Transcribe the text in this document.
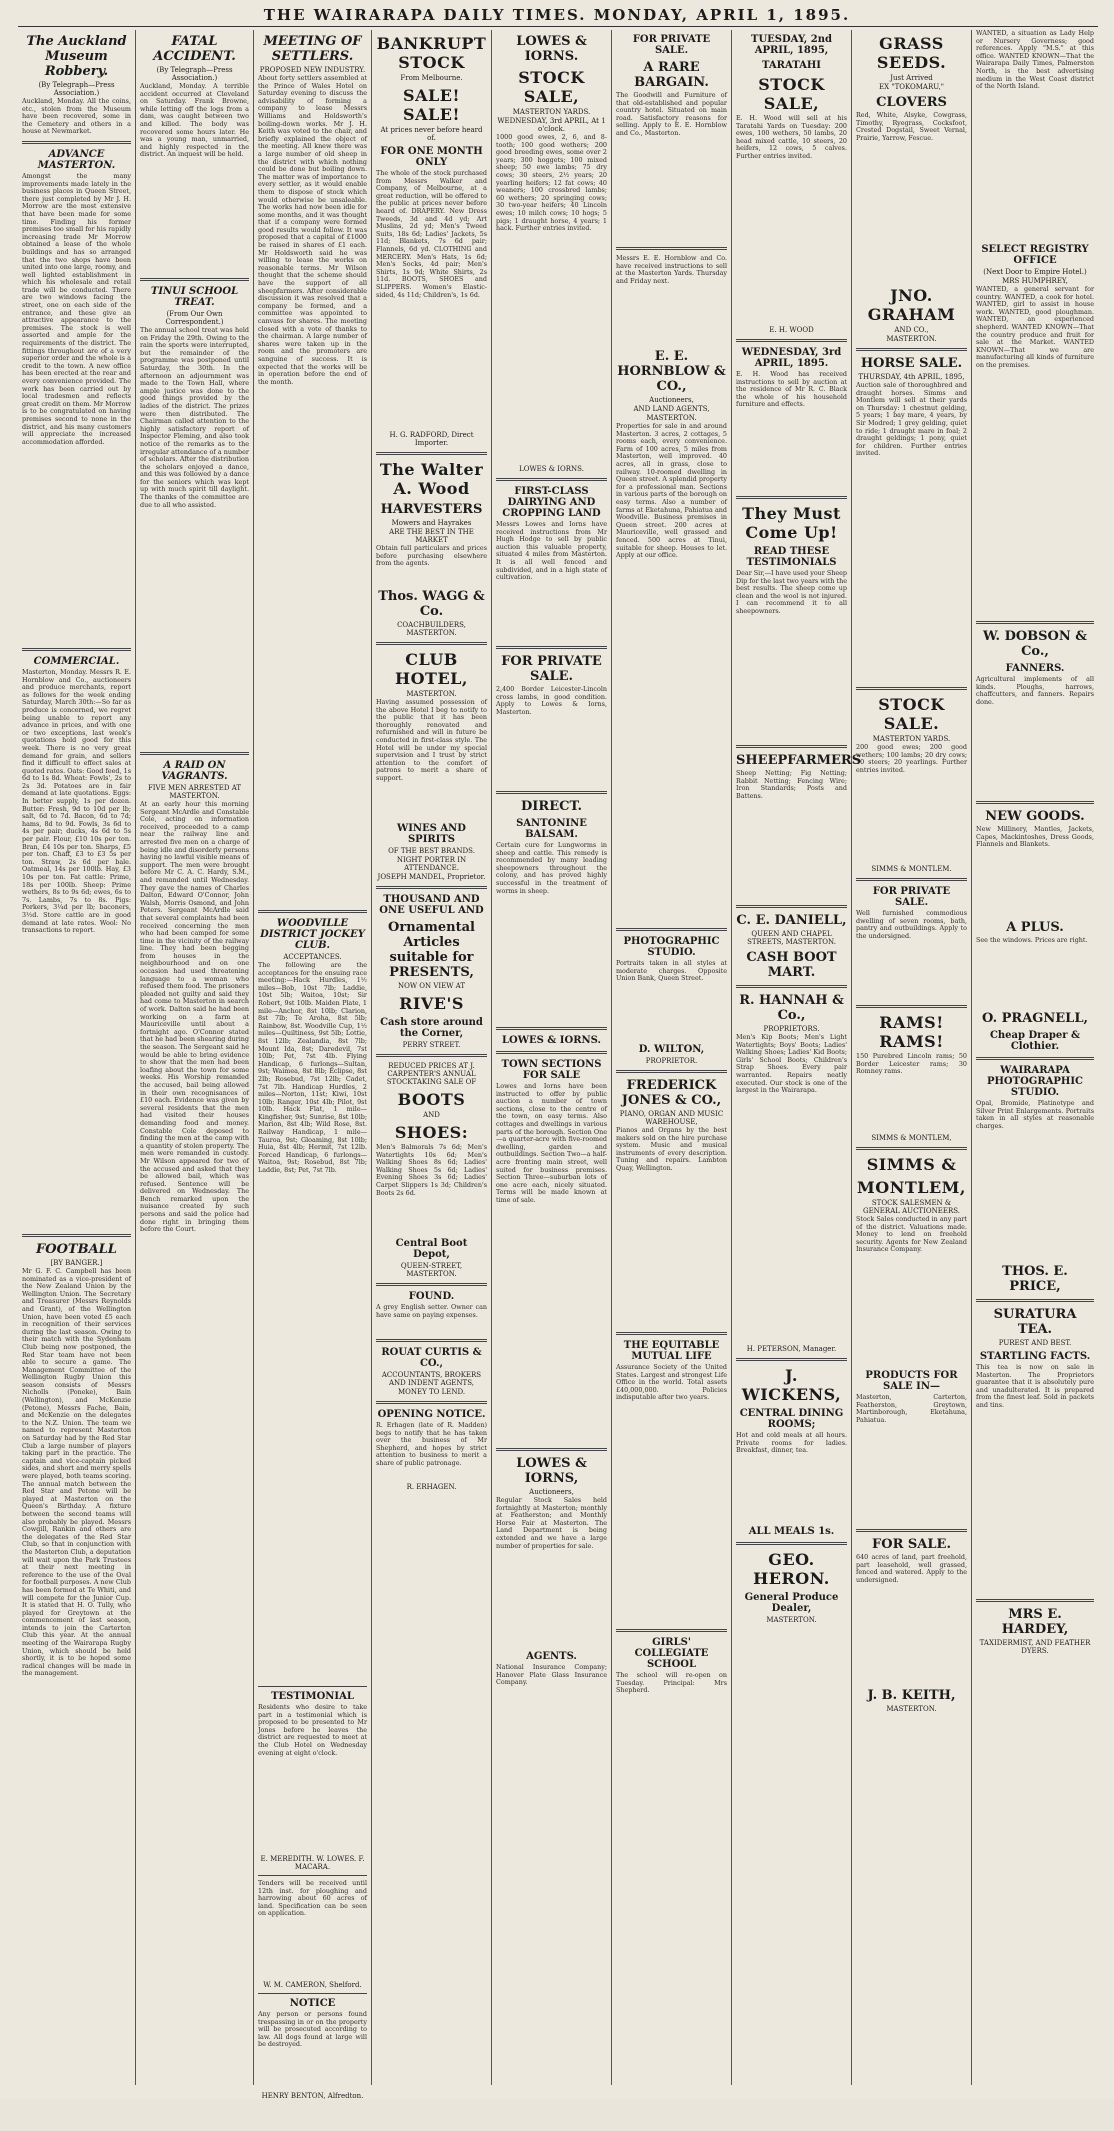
THE WAIRARAPA DAILY TIMES. MONDAY, APRIL 1, 1895.
The Auckland Museum Robbery.
(By Telegraph—Press Association.)
Auckland, Monday. All the coins, etc., stolen from the Museum have been recovered, some in the Cemetery and others in a house at Newmarket.
ADVANCE MASTERTON.
Amongst the many improvements made lately in the business places in Queen Street, there just completed by Mr J. H. Morrow are the most extensive that have been made for some time. Finding his former premises too small for his rapidly increasing trade Mr Morrow obtained a lease of the whole buildings and has so arranged that the two shops have been united into one large, roomy, and well lighted establishment in which his wholesale and retail trade will be conducted. There are two windows facing the street, one on each side of the entrance, and these give an attractive appearance to the premises. The stock is well assorted and ample for the requirements of the district. The fittings throughout are of a very superior order and the whole is a credit to the town. A new office has been erected at the rear and every convenience provided. The work has been carried out by local tradesmen and reflects great credit on them. Mr Morrow is to be congratulated on having premises second to none in the district, and his many customers will appreciate the increased accommodation afforded.
COMMERCIAL.
Masterton, Monday. Messrs R. E. Hornblow and Co., auctioneers and produce merchants, report as follows for the week ending Saturday, March 30th:—So far as produce is concerned, we regret being unable to report any advance in prices, and with one or two exceptions, last week's quotations hold good for this week. There is no very great demand for grain, and sellers find it difficult to effect sales at quoted rates. Oats: Good feed, 1s 6d to 1s 8d. Wheat: Fowls', 2s to 2s 3d. Potatoes are in fair demand at late quotations. Eggs: In better supply, 1s per dozen. Butter: Fresh, 9d to 10d per lb; salt, 6d to 7d. Bacon, 6d to 7d; hams, 8d to 9d. Fowls, 3s 6d to 4s per pair; ducks, 4s 6d to 5s per pair. Flour, £10 10s per ton. Bran, £4 10s per ton. Sharps, £5 per ton. Chaff, £3 to £3 5s per ton. Straw, 2s 6d per bale. Oatmeal, 14s per 100lb. Hay, £3 10s per ton. Fat cattle: Prime, 18s per 100lb. Sheep: Prime wethers, 8s to 9s 6d; ewes, 6s to 7s. Lambs, 7s to 8s. Pigs: Porkers, 3¼d per lb; baconers, 3½d. Store cattle are in good demand at late rates. Wool: No transactions to report.
FOOTBALL
[BY BANGER.]
Mr G. F. C. Campbell has been nominated as a vice-president of the New Zealand Union by the Wellington Union. The Secretary and Treasurer (Messrs Reynolds and Grant), of the Wellington Union, have been voted £5 each in recognition of their services during the last season. Owing to their match with the Sydenham Club being now postponed, the Red Star team have not been able to secure a game. The Management Committee of the Wellington Rugby Union this season consists of Messrs Nicholls (Poneke), Bain (Wellington), and McKenzie (Petone), Messrs Fache, Bain, and McKenzie on the delegates to the N.Z. Union. The team we named to represent Masterton on Saturday had by the Red Star Club a large number of players taking part in the practice. The captain and vice-captain picked sides, and short and merry spells were played, both teams scoring. The annual match between the Red Star and Petone will be played at Masterton on the Queen's Birthday. A fixture between the second teams will also probably be played. Messrs Cowgill, Rankin and others are the delegates of the Red Star Club, so that in conjunction with the Masterton Club, a deputation will wait upon the Park Trustees at their next meeting in reference to the use of the Oval for football purposes. A new Club has been formed at Te Whiti, and will compete for the Junior Cup. It is stated that H. O. Tully, who played for Greytown at the commencement of last season, intends to join the Carterton Club this year. At the annual meeting of the Wairarapa Rugby Union, which should be held shortly, it is to be hoped some radical changes will be made in the management.
FATAL ACCIDENT.
(By Telegraph—Press Association.)
Auckland, Monday. A terrible accident occurred at Cleveland on Saturday. Frank Browne, while letting off the logs from a dam, was caught between two and killed. The body was recovered some hours later. He was a young man, unmarried, and highly respected in the district. An inquest will be held.
TINUI SCHOOL TREAT.
(From Our Own Correspondent.)
The annual school treat was held on Friday the 29th. Owing to the rain the sports were interrupted, but the remainder of the programme was postponed until Saturday, the 30th. In the afternoon an adjournment was made to the Town Hall, where ample justice was done to the good things provided by the ladies of the district. The prizes were then distributed. The Chairman called attention to the highly satisfactory report of Inspector Fleming, and also took notice of the remarks as to the irregular attendance of a number of scholars. After the distribution the scholars enjoyed a dance, and this was followed by a dance for the seniors which was kept up with much spirit till daylight. The thanks of the committee are due to all who assisted.
A RAID ON VAGRANTS.
FIVE MEN ARRESTED AT MASTERTON.
At an early hour this morning Sergeant McArdle and Constable Cole, acting on information received, proceeded to a camp near the railway line and arrested five men on a charge of being idle and disorderly persons having no lawful visible means of support. The men were brought before Mr C. A. C. Hardy, S.M., and remanded until Wednesday. They gave the names of Charles Dalton, Edward O'Connor, John Walsh, Morris Osmond, and John Peters. Sergeant McArdle said that several complaints had been received concerning the men who had been camped for some time in the vicinity of the railway line. They had been begging from houses in the neighbourhood and on one occasion had used threatening language to a woman who refused them food. The prisoners pleaded not guilty and said they had come to Masterton in search of work. Dalton said he had been working on a farm at Mauriceville until about a fortnight ago. O'Connor stated that he had been shearing during the season. The Sergeant said he would be able to bring evidence to show that the men had been loafing about the town for some weeks. His Worship remanded the accused, bail being allowed in their own recognisances of £10 each. Evidence was given by several residents that the men had visited their houses demanding food and money. Constable Cole deposed to finding the men at the camp with a quantity of stolen property. The men were remanded in custody. Mr Wilson appeared for two of the accused and asked that they be allowed bail, which was refused. Sentence will be delivered on Wednesday. The Bench remarked upon the nuisance created by such persons and said the police had done right in bringing them before the Court.
MEETING OF SETTLERS.
PROPOSED NEW INDUSTRY.
About forty settlers assembled at the Prince of Wales Hotel on Saturday evening to discuss the advisability of forming a company to lease Messrs Williams and Holdsworth's boiling-down works. Mr J. H. Keith was voted to the chair, and briefly explained the object of the meeting. All knew there was a large number of old sheep in the district with which nothing could be done but boiling down. The matter was of importance to every settler, as it would enable them to dispose of stock which would otherwise be unsaleable. The works had now been idle for some months, and it was thought that if a company were formed good results would follow. It was proposed that a capital of £1000 be raised in shares of £1 each. Mr Holdsworth said he was willing to lease the works on reasonable terms. Mr Wilson thought that the scheme should have the support of all sheepfarmers. After considerable discussion it was resolved that a company be formed, and a committee was appointed to canvass for shares. The meeting closed with a vote of thanks to the chairman. A large number of shares were taken up in the room and the promoters are sanguine of success. It is expected that the works will be in operation before the end of the month.
WOODVILLE DISTRICT JOCKEY CLUB.
ACCEPTANCES.
The following are the acceptances for the ensuing race meeting:—Hack Hurdles, 1½ miles—Bob, 10st 7lb; Laddie, 10st 5lb; Waitoa, 10st; Sir Robert, 9st 10lb. Maiden Plate, 1 mile—Anchor, 8st 10lb; Clarion, 8st 7lb; Te Aroha, 8st 5lb; Rainbow, 8st. Woodville Cup, 1½ miles—Quiltiness, 9st 5lb; Lottie, 8st 12lb; Zealandia, 8st 7lb; Mount Ida, 8st; Daredevil, 7st 10lb; Pet, 7st 4lb. Flying Handicap, 6 furlongs—Sultan, 9st; Waimea, 8st 8lb; Eclipse, 8st 2lb; Rosebud, 7st 12lb; Cadet, 7st 7lb. Handicap Hurdles, 2 miles—Norton, 11st; Kiwi, 10st 10lb; Ranger, 10st 4lb; Pilot, 9st 10lb. Hack Flat, 1 mile—Kingfisher, 9st; Sunrise, 8st 10lb; Marion, 8st 4lb; Wild Rose, 8st. Railway Handicap, 1 mile—Tauroa, 9st; Gloaming, 8st 10lb; Huia, 8st 4lb; Hermit, 7st 12lb. Forced Handicap, 6 furlongs—Waitoa, 9st; Rosebud, 8st 7lb; Laddie, 8st; Pet, 7st 7lb.
TESTIMONIAL
Residents who desire to take part in a testimonial which is proposed to be presented to Mr Jones before he leaves the district are requested to meet at the Club Hotel on Wednesday evening at eight o'clock.
E. MEREDITH. W. LOWES. F. MACARA.
Tenders will be received until 12th inst. for ploughing and harrowing about 60 acres of land. Specification can be seen on application.
W. M. CAMERON, Shelford.
NOTICE
Any person or persons found trespassing in or on the property will be prosecuted according to law. All dogs found at large will be destroyed.
HENRY BENTON, Alfredton.
BANKRUPT STOCK
From Melbourne.
SALE! SALE!
At prices never before heard of.
FOR ONE MONTH ONLY
The whole of the stock purchased from Messrs Walker and Company, of Melbourne, at a great reduction, will be offered to the public at prices never before heard of. DRAPERY. New Dress Tweeds, 3d and 4d yd; Art Muslins, 2d yd; Men's Tweed Suits, 18s 6d; Ladies' Jackets, 5s 11d; Blankets, 7s 6d pair; Flannels, 6d yd. CLOTHING and MERCERY. Men's Hats, 1s 6d; Men's Socks, 4d pair; Men's Shirts, 1s 9d; White Shirts, 2s 11d. BOOTS, SHOES and SLIPPERS. Women's Elastic-sided, 4s 11d; Children's, 1s 6d.
H. G. RADFORD, Direct Importer.
The Walter A. Wood
HARVESTERS
Mowers and Hayrakes
ARE THE BEST IN THE MARKET
Obtain full particulars and prices before purchasing elsewhere from the agents.
Thos. WAGG & Co.
COACHBUILDERS, MASTERTON.
CLUB HOTEL,
MASTERTON.
Having assumed possession of the above Hotel I beg to notify to the public that it has been thoroughly renovated and refurnished and will in future be conducted in first-class style. The Hotel will be under my special supervision and I trust by strict attention to the comfort of patrons to merit a share of support.
WINES AND SPIRITS
OF THE BEST BRANDS.
NIGHT PORTER IN ATTENDANCE.
JOSEPH MANDEL, Proprietor.
THOUSAND AND ONE USEFUL AND
Ornamental Articles suitable for PRESENTS,
NOW ON VIEW AT
RIVE'S
Cash store around the Corner,
PERRY STREET.
REDUCED PRICES AT J. CARPENTER'S ANNUAL STOCKTAKING SALE OF
BOOTS
AND
SHOES:
Men's Balmorals 7s 6d; Men's Watertights 10s 6d; Men's Walking Shoes 8s 6d; Ladies' Walking Shoes 5s 6d; Ladies' Evening Shoes 3s 6d; Ladies' Carpet Slippers 1s 3d; Children's Boots 2s 6d.
Central Boot Depot,
QUEEN-STREET, MASTERTON.
FOUND.
A grey English setter. Owner can have same on paying expenses.
ROUAT CURTIS & CO.,
ACCOUNTANTS, BROKERS AND INDENT AGENTS,
MONEY TO LEND.
OPENING NOTICE.
R. Erhagen (late of R. Madden) begs to notify that he has taken over the business of Mr Shepherd, and hopes by strict attention to business to merit a share of public patronage.
R. ERHAGEN.
LOWES & IORNS.
STOCK SALE,
MASTERTON YARDS.
WEDNESDAY, 3rd APRIL, At 1 o'clock.
1000 good ewes, 2, 6, and 8-tooth; 100 good wethers; 200 good breeding ewes, some over 2 years; 300 hoggets; 100 mixed sheep; 50 ewe lambs; 75 dry cows; 30 steers, 2½ years; 20 yearling heifers; 12 fat cows; 40 weaners; 100 crossbred lambs; 60 wethers; 20 springing cows; 30 two-year heifers; 40 Lincoln ewes; 10 milch cows; 10 hogs; 5 pigs; 1 draught horse, 4 years; 1 hack. Further entries invited.
LOWES & IORNS.
FIRST-CLASS DAIRYING AND CROPPING LAND
Messrs Lowes and Iorns have received instructions from Mr Hugh Hodge to sell by public auction this valuable property, situated 4 miles from Masterton. It is all well fenced and subdivided, and in a high state of cultivation.
FOR PRIVATE SALE.
2,400 Border Leicester-Lincoln cross lambs, in good condition. Apply to Lowes & Iorns, Masterton.
DIRECT.
SANTONINE BALSAM.
Certain cure for Lungworms in sheep and cattle. This remedy is recommended by many leading sheepowners throughout the colony, and has proved highly successful in the treatment of worms in sheep.
LOWES & IORNS.
TOWN SECTIONS FOR SALE
Lowes and Iorns have been instructed to offer by public auction a number of town sections, close to the centre of the town, on easy terms. Also cottages and dwellings in various parts of the borough. Section One—a quarter-acre with five-roomed dwelling, garden and outbuildings. Section Two—a half-acre fronting main street, well suited for business premises. Section Three—suburban lots of one acre each, nicely situated. Terms will be made known at time of sale.
LOWES & IORNS,
Auctioneers,
Regular Stock Sales held fortnightly at Masterton; monthly at Featherston; and Monthly Horse Fair at Masterton. The Land Department is being extended and we have a large number of properties for sale.
AGENTS.
National Insurance Company; Hanover Plate Glass Insurance Company.
FOR PRIVATE SALE.
A RARE BARGAIN.
The Goodwill and Furniture of that old-established and popular country hotel. Situated on main road. Satisfactory reasons for selling. Apply to E. E. Hornblow and Co., Masterton.
Messrs E. E. Hornblow and Co. have received instructions to sell at the Masterton Yards. Thursday and Friday next.
E. E. HORNBLOW & CO.,
Auctioneers,
AND LAND AGENTS,
MASTERTON.
Properties for sale in and around Masterton. 3 acres, 2 cottages, 5 rooms each, every convenience. Farm of 100 acres, 5 miles from Masterton, well improved. 40 acres, all in grass, close to railway. 10-roomed dwelling in Queen street. A splendid property for a professional man. Sections in various parts of the borough on easy terms. Also a number of farms at Eketahuna, Pahiatua and Woodville. Business premises in Queen street. 200 acres at Mauriceville, well grassed and fenced. 500 acres at Tinui, suitable for sheep. Houses to let. Apply at our office.
PHOTOGRAPHIC STUDIO.
Portraits taken in all styles at moderate charges. Opposite Union Bank, Queen Street.
D. WILTON,
PROPRIETOR.
FREDERICK JONES & CO.,
PIANO, ORGAN AND MUSIC WAREHOUSE,
Pianos and Organs by the best makers sold on the hire purchase system. Music and musical instruments of every description. Tuning and repairs. Lambton Quay, Wellington.
THE EQUITABLE MUTUAL LIFE
Assurance Society of the United States. Largest and strongest Life Office in the world. Total assets £40,000,000. Policies indisputable after two years.
GIRLS' COLLEGIATE SCHOOL
The school will re-open on Tuesday. Principal: Mrs Shepherd.
TUESDAY, 2nd APRIL, 1895,
TARATAHI
STOCK SALE,
E. H. Wood will sell at his Taratahi Yards on Tuesday: 200 ewes, 100 wethers, 50 lambs, 20 head mixed cattle, 10 steers, 20 heifers, 12 cows, 5 calves. Further entries invited.
E. H. WOOD
WEDNESDAY, 3rd APRIL, 1895.
E. H. Wood has received instructions to sell by auction at the residence of Mr R. C. Black the whole of his household furniture and effects.
They Must Come Up!
READ THESE TESTIMONIALS
Dear Sir,—I have used your Sheep Dip for the last two years with the best results. The sheep come up clean and the wool is not injured. I can recommend it to all sheepowners.
SHEEPFARMERS
Sheep Netting; Fig Netting; Rabbit Netting; Fencing Wire; Iron Standards; Posts and Battens.
C. E. DANIELL,
QUEEN AND CHAPEL STREETS, MASTERTON.
CASH BOOT MART.
R. HANNAH & Co.,
PROPRIETORS.
Men's Kip Boots; Men's Light Watertights; Boys' Boots; Ladies' Walking Shoes; Ladies' Kid Boots; Girls' School Boots; Children's Strap Shoes. Every pair warranted. Repairs neatly executed. Our stock is one of the largest in the Wairarapa.
H. PETERSON, Manager.
J. WICKENS,
CENTRAL DINING ROOMS;
Hot and cold meals at all hours. Private rooms for ladies. Breakfast, dinner, tea.
ALL MEALS 1s.
GEO. HERON.
General Produce Dealer,
MASTERTON.
GRASS SEEDS.
Just Arrived
EX "TOKOMARU,"
CLOVERS
Red, White, Alsyke, Cowgrass, Timothy, Ryegrass, Cocksfoot, Crested Dogstail, Sweet Vernal, Prairie, Yarrow, Fescue.
JNO. GRAHAM
AND CO.,
MASTERTON.
HORSE SALE.
THURSDAY, 4th APRIL, 1895,
Auction sale of thoroughbred and draught horses. Simms and Montlem will sell at their yards on Thursday: 1 chestnut gelding, 5 years; 1 bay mare, 4 years, by Sir Modred; 1 grey gelding, quiet to ride; 1 draught mare in foal; 2 draught geldings; 1 pony, quiet for children. Further entries invited.
STOCK SALE.
MASTERTON YARDS.
200 good ewes; 200 good wethers; 100 lambs; 20 dry cows; 10 steers; 20 yearlings. Further entries invited.
SIMMS & MONTLEM.
FOR PRIVATE SALE.
Well furnished commodious dwelling of seven rooms, bath, pantry and outbuildings. Apply to the undersigned.
RAMS! RAMS!
150 Purebred Lincoln rams; 50 Border Leicester rams; 30 Romney rams.
SIMMS & MONTLEM,
SIMMS &
MONTLEM,
STOCK SALESMEN & GENERAL AUCTIONEERS.
Stock Sales conducted in any part of the district. Valuations made. Money to lend on freehold security. Agents for New Zealand Insurance Company.
PRODUCTS FOR SALE IN—
Masterton, Carterton, Featherston, Greytown, Martinborough, Eketahuna, Pahiatua.
FOR SALE.
640 acres of land, part freehold, part leasehold, well grassed, fenced and watered. Apply to the undersigned.
J. B. KEITH,
MASTERTON.
WANTED, a situation as Lady Help or Nursery Governess; good references. Apply "M.S." at this office. WANTED KNOWN—That the Wairarapa Daily Times, Palmerston North, is the best advertising medium in the West Coast district of the North Island.
SELECT REGISTRY OFFICE
(Next Door to Empire Hotel.)
MRS HUMPHREY,
WANTED, a general servant for country. WANTED, a cook for hotel. WANTED, girl to assist in house work. WANTED, good ploughman. WANTED, an experienced shepherd. WANTED KNOWN—That the country produce and fruit for sale at the Market. WANTED KNOWN—That we are manufacturing all kinds of furniture on the premises.
W. DOBSON & Co.,
FANNERS.
Agricultural implements of all kinds. Ploughs, harrows, chaffcutters, and fanners. Repairs done.
NEW GOODS.
New Millinery, Mantles, Jackets, Capes, Mackintoshes, Dress Goods, Flannels and Blankets.
A PLUS.
See the windows. Prices are right.
O. PRAGNELL,
Cheap Draper & Clothier.
WAIRARAPA PHOTOGRAPHIC STUDIO.
Opal, Bromide, Platinotype and Silver Print Enlargements. Portraits taken in all styles at reasonable charges.
THOS. E. PRICE,
SURATURA TEA.
PUREST AND BEST.
STARTLING FACTS.
This tea is now on sale in Masterton. The Proprietors guarantee that it is absolutely pure and unadulterated. It is prepared from the finest leaf. Sold in packets and tins.
MRS E. HARDEY,
TAXIDERMIST, AND FEATHER DYERS.
